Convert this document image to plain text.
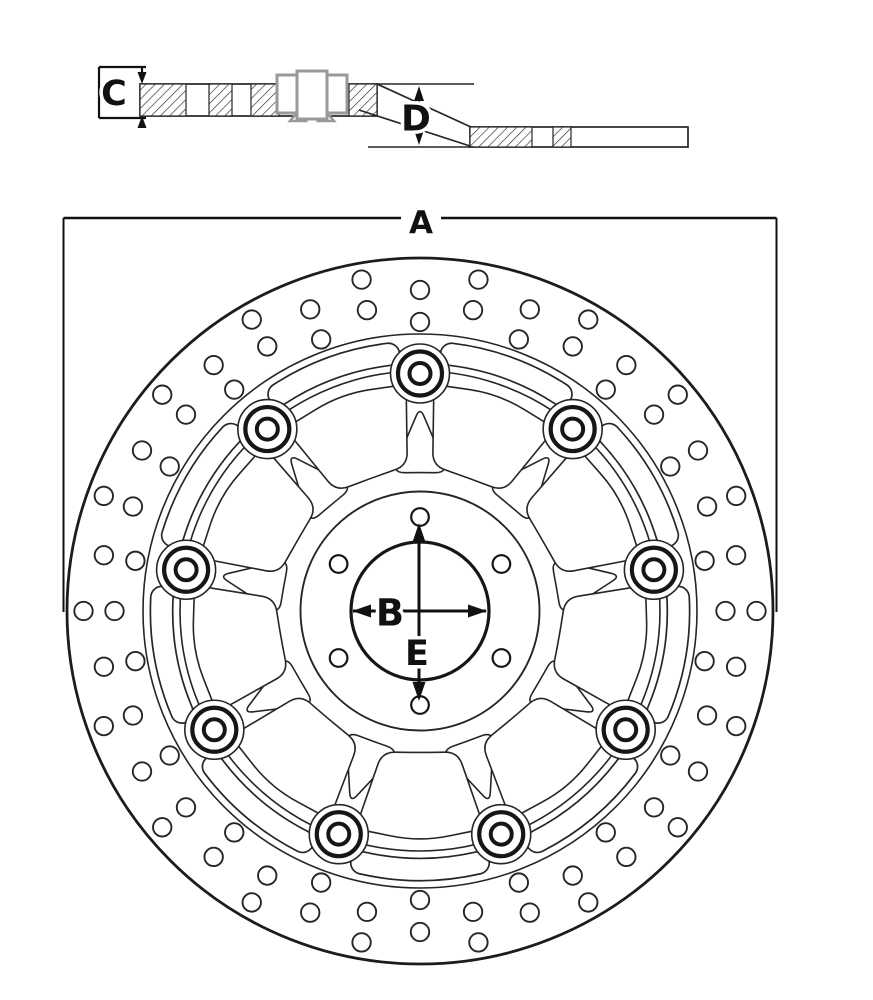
A
B
C
D
E
